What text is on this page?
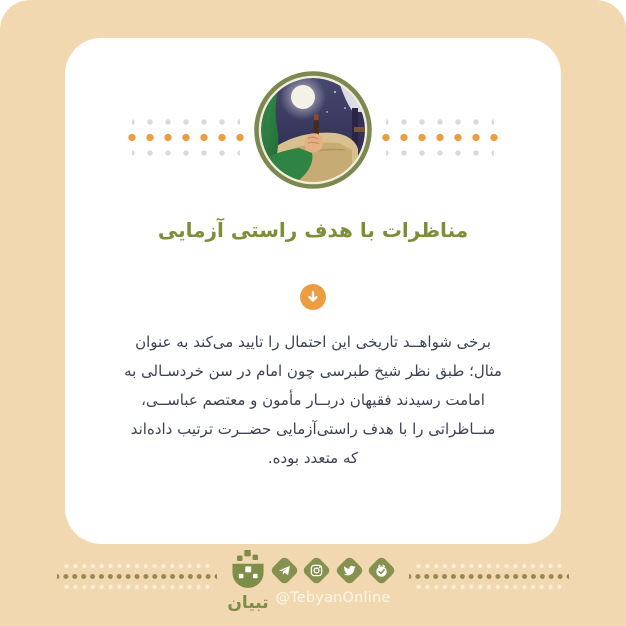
مناظرات با هدف راستی آزمایی
برخی شواهــد تاریخی این احتمال را تایید می‌کند به عنوان
مثال؛ طبق نظر شیخ طبرسی چون امام در سن خردسـالی به
امامت رسیدند فقیهان دربــار مأمون و معتصم عباســی،
منــاظراتی را با هدف راستی‌آزمایی حضــرت ترتیب داده‌اند
که متعدد بوده.
تبیان @TebyanOnline
